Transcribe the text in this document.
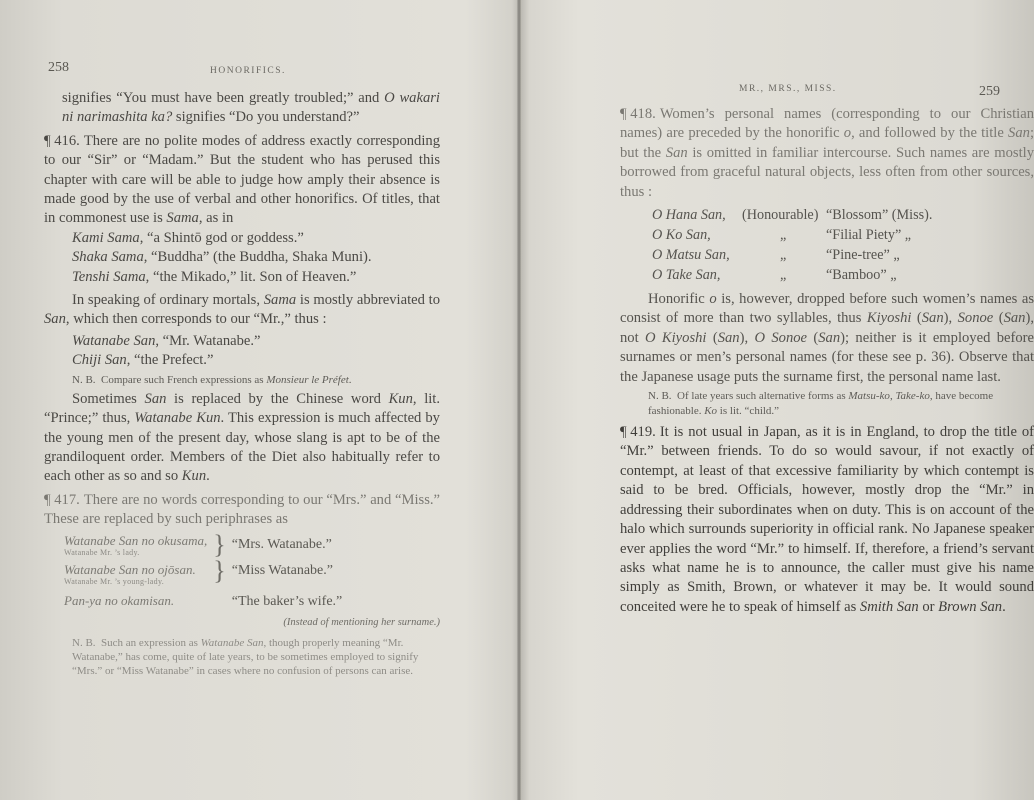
258	HONORIFICS.

signifies “You must have been greatly troubled;” and O wakari ni narimashita ka? signifies “Do you understand?”

¶ 416. There are no polite modes of address exactly corresponding to our “Sir” or “Madam.” But the student who has perused this chapter with care will be able to judge how amply their absence is made good by the use of verbal and other honorifics. Of titles, that in commonest use is Sama, as in

Kami Sama, “a Shintō god or goddess.”

Shaka Sama, “Buddha” (the Buddha, Shaka Muni).

Tenshi Sama, “the Mikado,” lit. Son of Heaven.”

In speaking of ordinary mortals, Sama is mostly abbreviated to San, which then corresponds to our “Mr.,” thus :

Watanabe San, “Mr. Watanabe.”

Chiji San, “the Prefect.”

N. B. Compare such French expressions as Monsieur le Préfet.

Sometimes San is replaced by the Chinese word Kun, lit. “Prince;” thus, Watanabe Kun. This expression is much affected by the young men of the present day, whose slang is apt to be of the grandiloquent order. Members of the Diet also habitually refer to each other as so and so Kun.

¶ 417. There are no words corresponding to our “Mrs.” and “Miss.” These are replaced by such periphrases as

Watanabe San no okusama,
Watanabe Mr. ’s lady.	}	“Mrs. Watanabe.”

Watanabe San no ojōsan.
Watanabe Mr. ’s young-lady.	}	“Miss Watanabe.”

Pan-ya no okamisan.		“The baker’s wife.”
(Instead of mentioning her surname.)

N. B. Such an expression as Watanabe San, though properly meaning “Mr. Watanabe,” has come, quite of late years, to be sometimes employed to signify “Mrs.” or “Miss Watanabe” in cases where no confusion of persons can arise.

MR., MRS., MISS.	259

¶ 418. Women’s personal names (corresponding to our Christian names) are preceded by the honorific o, and followed by the title San; but the San is omitted in familiar intercourse. Such names are mostly borrowed from graceful natural objects, less often from other sources, thus :

O Hana San,	(Honourable)	“Blossom” (Miss).
O Ko San,	„	“Filial Piety” „
O Matsu San,	„	“Pine-tree” „
O Take San,	„	“Bamboo” „

Honorific o is, however, dropped before such women’s names as consist of more than two syllables, thus Kiyoshi (San), Sonoe (San), not O Kiyoshi (San), O Sonoe (San); neither is it employed before surnames or men’s personal names (for these see p. 36). Observe that the Japanese usage puts the surname first, the personal name last.

N. B. Of late years such alternative forms as Matsu-ko, Take-ko, have become fashionable. Ko is lit. “child.”

¶ 419. It is not usual in Japan, as it is in England, to drop the title of “Mr.” between friends. To do so would savour, if not exactly of contempt, at least of that excessive familiarity by which contempt is said to be bred. Officials, however, mostly drop the “Mr.” in addressing their subordinates when on duty. This is on account of the halo which surrounds superiority in official rank. No Japanese speaker ever applies the word “Mr.” to himself. If, therefore, a friend’s servant asks what name he is to announce, the caller must give his name simply as Smith, Brown, or whatever it may be. It would sound conceited were he to speak of himself as Smith San or Brown San.
